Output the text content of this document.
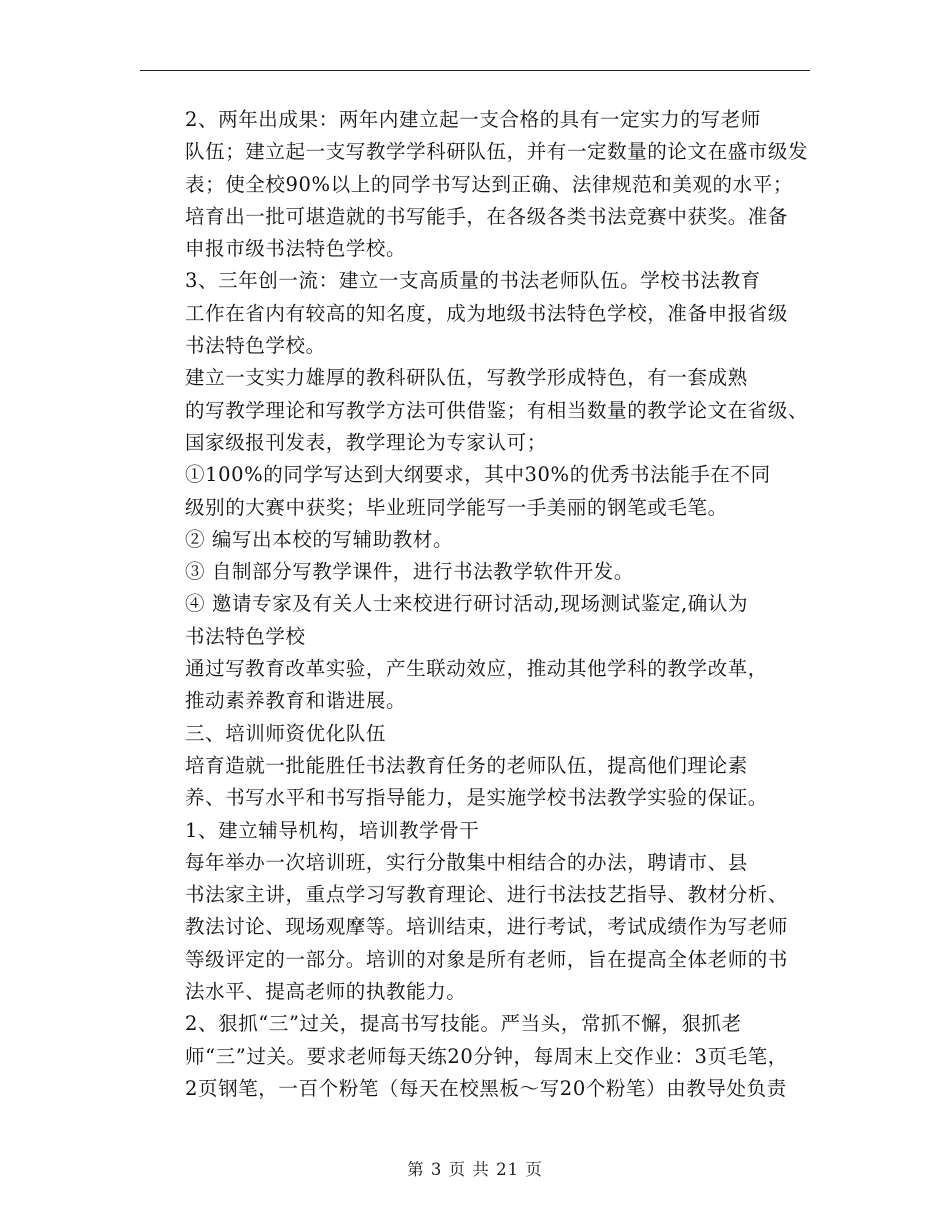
2、两年出成果：两年内建立起一支合格的具有一定实力的写老师
队伍；建立起一支写教学学科研队伍，并有一定数量的论文在盛市级发
表；使全校90%以上的同学书写达到正确、法律规范和美观的水平；
培育出一批可堪造就的书写能手，在各级各类书法竞赛中获奖。准备
申报市级书法特色学校。

3、三年创一流：建立一支高质量的书法老师队伍。学校书法教育
工作在省内有较高的知名度，成为地级书法特色学校，准备申报省级
书法特色学校。

建立一支实力雄厚的教科研队伍，写教学形成特色，有一套成熟
的写教学理论和写教学方法可供借鉴；有相当数量的教学论文在省级、
国家级报刊发表，教学理论为专家认可；

①100%的同学写达到大纲要求，其中30%的优秀书法能手在不同
级别的大赛中获奖；毕业班同学能写一手美丽的钢笔或毛笔。

② 编写出本校的写辅助教材。

③ 自制部分写教学课件，进行书法教学软件开发。

④ 邀请专家及有关人士来校进行研讨活动,现场测试鉴定,确认为
书法特色学校

通过写教育改革实验，产生联动效应，推动其他学科的教学改革，
推动素养教育和谐进展。

三、培训师资优化队伍

培育造就一批能胜任书法教育任务的老师队伍，提高他们理论素
养、书写水平和书写指导能力，是实施学校书法教学实验的保证。

1、建立辅导机构，培训教学骨干

每年举办一次培训班，实行分散集中相结合的办法，聘请市、县
书法家主讲，重点学习写教育理论、进行书法技艺指导、教材分析、
教法讨论、现场观摩等。培训结束，进行考试，考试成绩作为写老师
等级评定的一部分。培训的对象是所有老师，旨在提高全体老师的书
法水平、提高老师的执教能力。

2、狠抓“三”过关，提高书写技能。严当头，常抓不懈，狠抓老
师“三”过关。要求老师每天练20分钟，每周末上交作业：3页毛笔，
2页钢笔，一百个粉笔（每天在校黑板～写20个粉笔）由教导处负责

第 3 页 共 21 页
